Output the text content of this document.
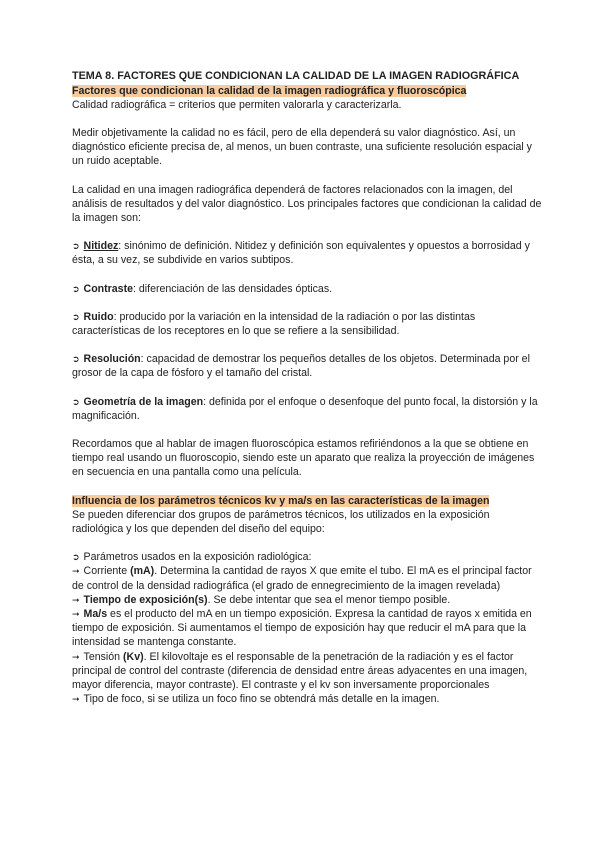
TEMA 8. FACTORES QUE CONDICIONAN LA CALIDAD DE LA IMAGEN RADIOGRÁFICA

Factores que condicionan la calidad de la imagen radiográfica y fluoroscópica

Calidad radiográfica = criterios que permiten valorarla y caracterizarla.

Medir objetivamente la calidad no es fácil, pero de ella dependerá su valor diagnóstico. Así, un diagnóstico eficiente precisa de, al menos, un buen contraste, una suficiente resolución espacial y un ruido aceptable.

La calidad en una imagen radiográfica dependerá de factores relacionados con la imagen, del análisis de resultados y del valor diagnóstico. Los principales factores que condicionan la calidad de la imagen son:

➲ Nitidez: sinónimo de definición. Nitidez y definición son equivalentes y opuestos a borrosidad y ésta, a su vez, se subdivide en varios subtipos.

➲ Contraste: diferenciación de las densidades ópticas.

➲ Ruido: producido por la variación en la intensidad de la radiación o por las distintas características de los receptores en lo que se refiere a la sensibilidad.

➲ Resolución: capacidad de demostrar los pequeños detalles de los objetos. Determinada por el grosor de la capa de fósforo y el tamaño del cristal.

➲ Geometría de la imagen: definida por el enfoque o desenfoque del punto focal, la distorsión y la magnificación.

Recordamos que al hablar de imagen fluoroscópica estamos refiriéndonos a la que se obtiene en tiempo real usando un fluoroscopio, siendo este un aparato que realiza la proyección de imágenes en secuencia en una pantalla como una película.

Influencia de los parámetros técnicos kv y ma/s en las características de la imagen

Se pueden diferenciar dos grupos de parámetros técnicos, los utilizados en la exposición radiológica y los que dependen del diseño del equipo:

➲ Parámetros usados en la exposición radiológica:

➞ Corriente (mA). Determina la cantidad de rayos X que emite el tubo. El mA es el principal factor de control de la densidad radiográfica (el grado de ennegrecimiento de la imagen revelada)

➞ Tiempo de exposición(s). Se debe intentar que sea el menor tiempo posible.

➞ Ma/s es el producto del mA en un tiempo exposición. Expresa la cantidad de rayos x emitida en tiempo de exposición. Si aumentamos el tiempo de exposición hay que reducir el mA para que la intensidad se mantenga constante.

➞ Tensión (Kv). El kilovoltaje es el responsable de la penetración de la radiación y es el factor principal de control del contraste (diferencia de densidad entre áreas adyacentes en una imagen, mayor diferencia, mayor contraste). El contraste y el kv son inversamente proporcionales

➞ Tipo de foco, si se utiliza un foco fino se obtendrá más detalle en la imagen.
